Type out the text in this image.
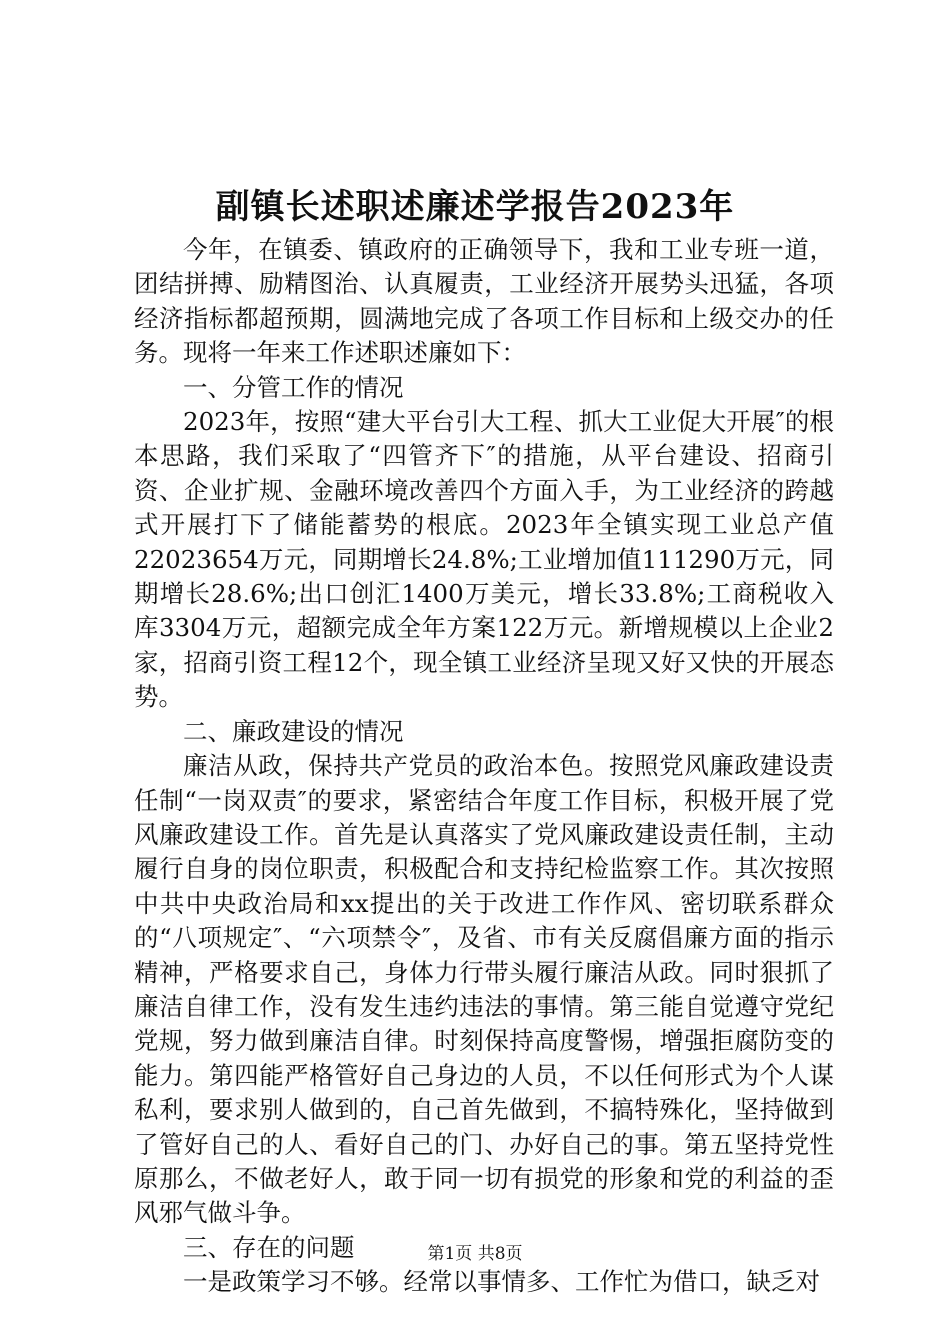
副镇长述职述廉述学报告2023年

今年，在镇委、镇政府的正确领导下，我和工业专班一道，团结拼搏、励精图治、认真履责，工业经济开展势头迅猛，各项经济指标都超预期，圆满地完成了各项工作目标和上级交办的任务。现将一年来工作述职述廉如下：

一、分管工作的情况

2023年，按照“建大平台引大工程、抓大工业促大开展″的根本思路，我们采取了“四管齐下″的措施，从平台建设、招商引资、企业扩规、金融环境改善四个方面入手，为工业经济的跨越式开展打下了储能蓄势的根底。2023年全镇实现工业总产值22023654万元，同期增长24.8%;工业增加值111290万元，同期增长28.6%;出口创汇1400万美元，增长33.8%;工商税收入库3304万元，超额完成全年方案122万元。新增规模以上企业2家，招商引资工程12个，现全镇工业经济呈现又好又快的开展态势。

二、廉政建设的情况

廉洁从政，保持共产党员的政治本色。按照党风廉政建设责任制“一岗双责″的要求，紧密结合年度工作目标，积极开展了党风廉政建设工作。首先是认真落实了党风廉政建设责任制，主动履行自身的岗位职责，积极配合和支持纪检监察工作。其次按照中共中央政治局和xx提出的关于改进工作作风、密切联系群众的“八项规定″、“六项禁令″，及省、市有关反腐倡廉方面的指示精神，严格要求自己，身体力行带头履行廉洁从政。同时狠抓了廉洁自律工作，没有发生违约违法的事情。第三能自觉遵守党纪党规，努力做到廉洁自律。时刻保持高度警惕，增强拒腐防变的能力。第四能严格管好自己身边的人员，不以任何形式为个人谋私利，要求别人做到的，自己首先做到，不搞特殊化，坚持做到了管好自己的人、看好自己的门、办好自己的事。第五坚持党性原那么，不做老好人，敢于同一切有损党的形象和党的利益的歪风邪气做斗争。

三、存在的问题

一是政策学习不够。经常以事情多、工作忙为借口，缺乏对

第1页 共8页
